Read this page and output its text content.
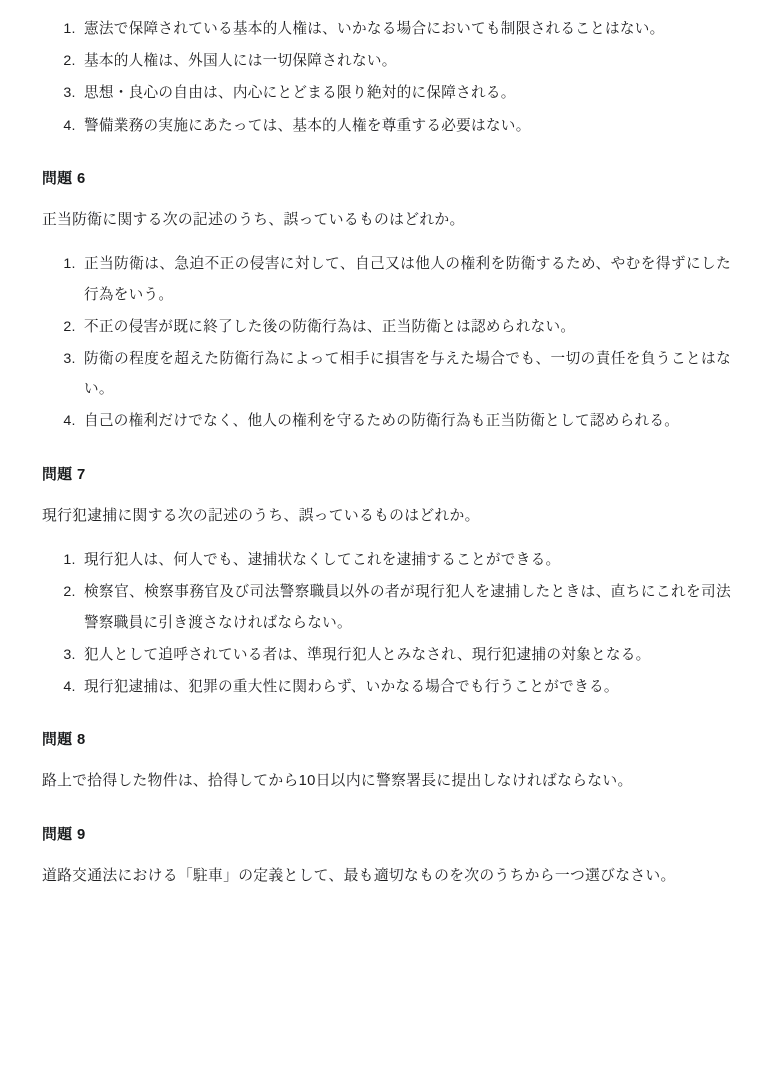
1. 憲法で保障されている基本的人権は、いかなる場合においても制限されることはない。
2. 基本的人権は、外国人には一切保障されない。
3. 思想・良心の自由は、内心にとどまる限り絶対的に保障される。
4. 警備業務の実施にあたっては、基本的人権を尊重する必要はない。
問題 6

正当防衛に関する次の記述のうち、誤っているものはどれか。

1. 正当防衛は、急迫不正の侵害に対して、自己又は他人の権利を防衛するため、やむを得ずにした行為をいう。
2. 不正の侵害が既に終了した後の防衛行為は、正当防衛とは認められない。
3. 防衛の程度を超えた防衛行為によって相手に損害を与えた場合でも、一切の責任を負うことはない。
4. 自己の権利だけでなく、他人の権利を守るための防衛行為も正当防衛として認められる。
問題 7

現行犯逮捕に関する次の記述のうち、誤っているものはどれか。

1. 現行犯人は、何人でも、逮捕状なくしてこれを逮捕することができる。
2. 検察官、検察事務官及び司法警察職員以外の者が現行犯人を逮捕したときは、直ちにこれを司法警察職員に引き渡さなければならない。
3. 犯人として追呼されている者は、準現行犯人とみなされ、現行犯逮捕の対象となる。
4. 現行犯逮捕は、犯罪の重大性に関わらず、いかなる場合でも行うことができる。
問題 8

路上で拾得した物件は、拾得してから10日以内に警察署長に提出しなければならない。

問題 9

道路交通法における「駐車」の定義として、最も適切なものを次のうちから一つ選びなさい。
